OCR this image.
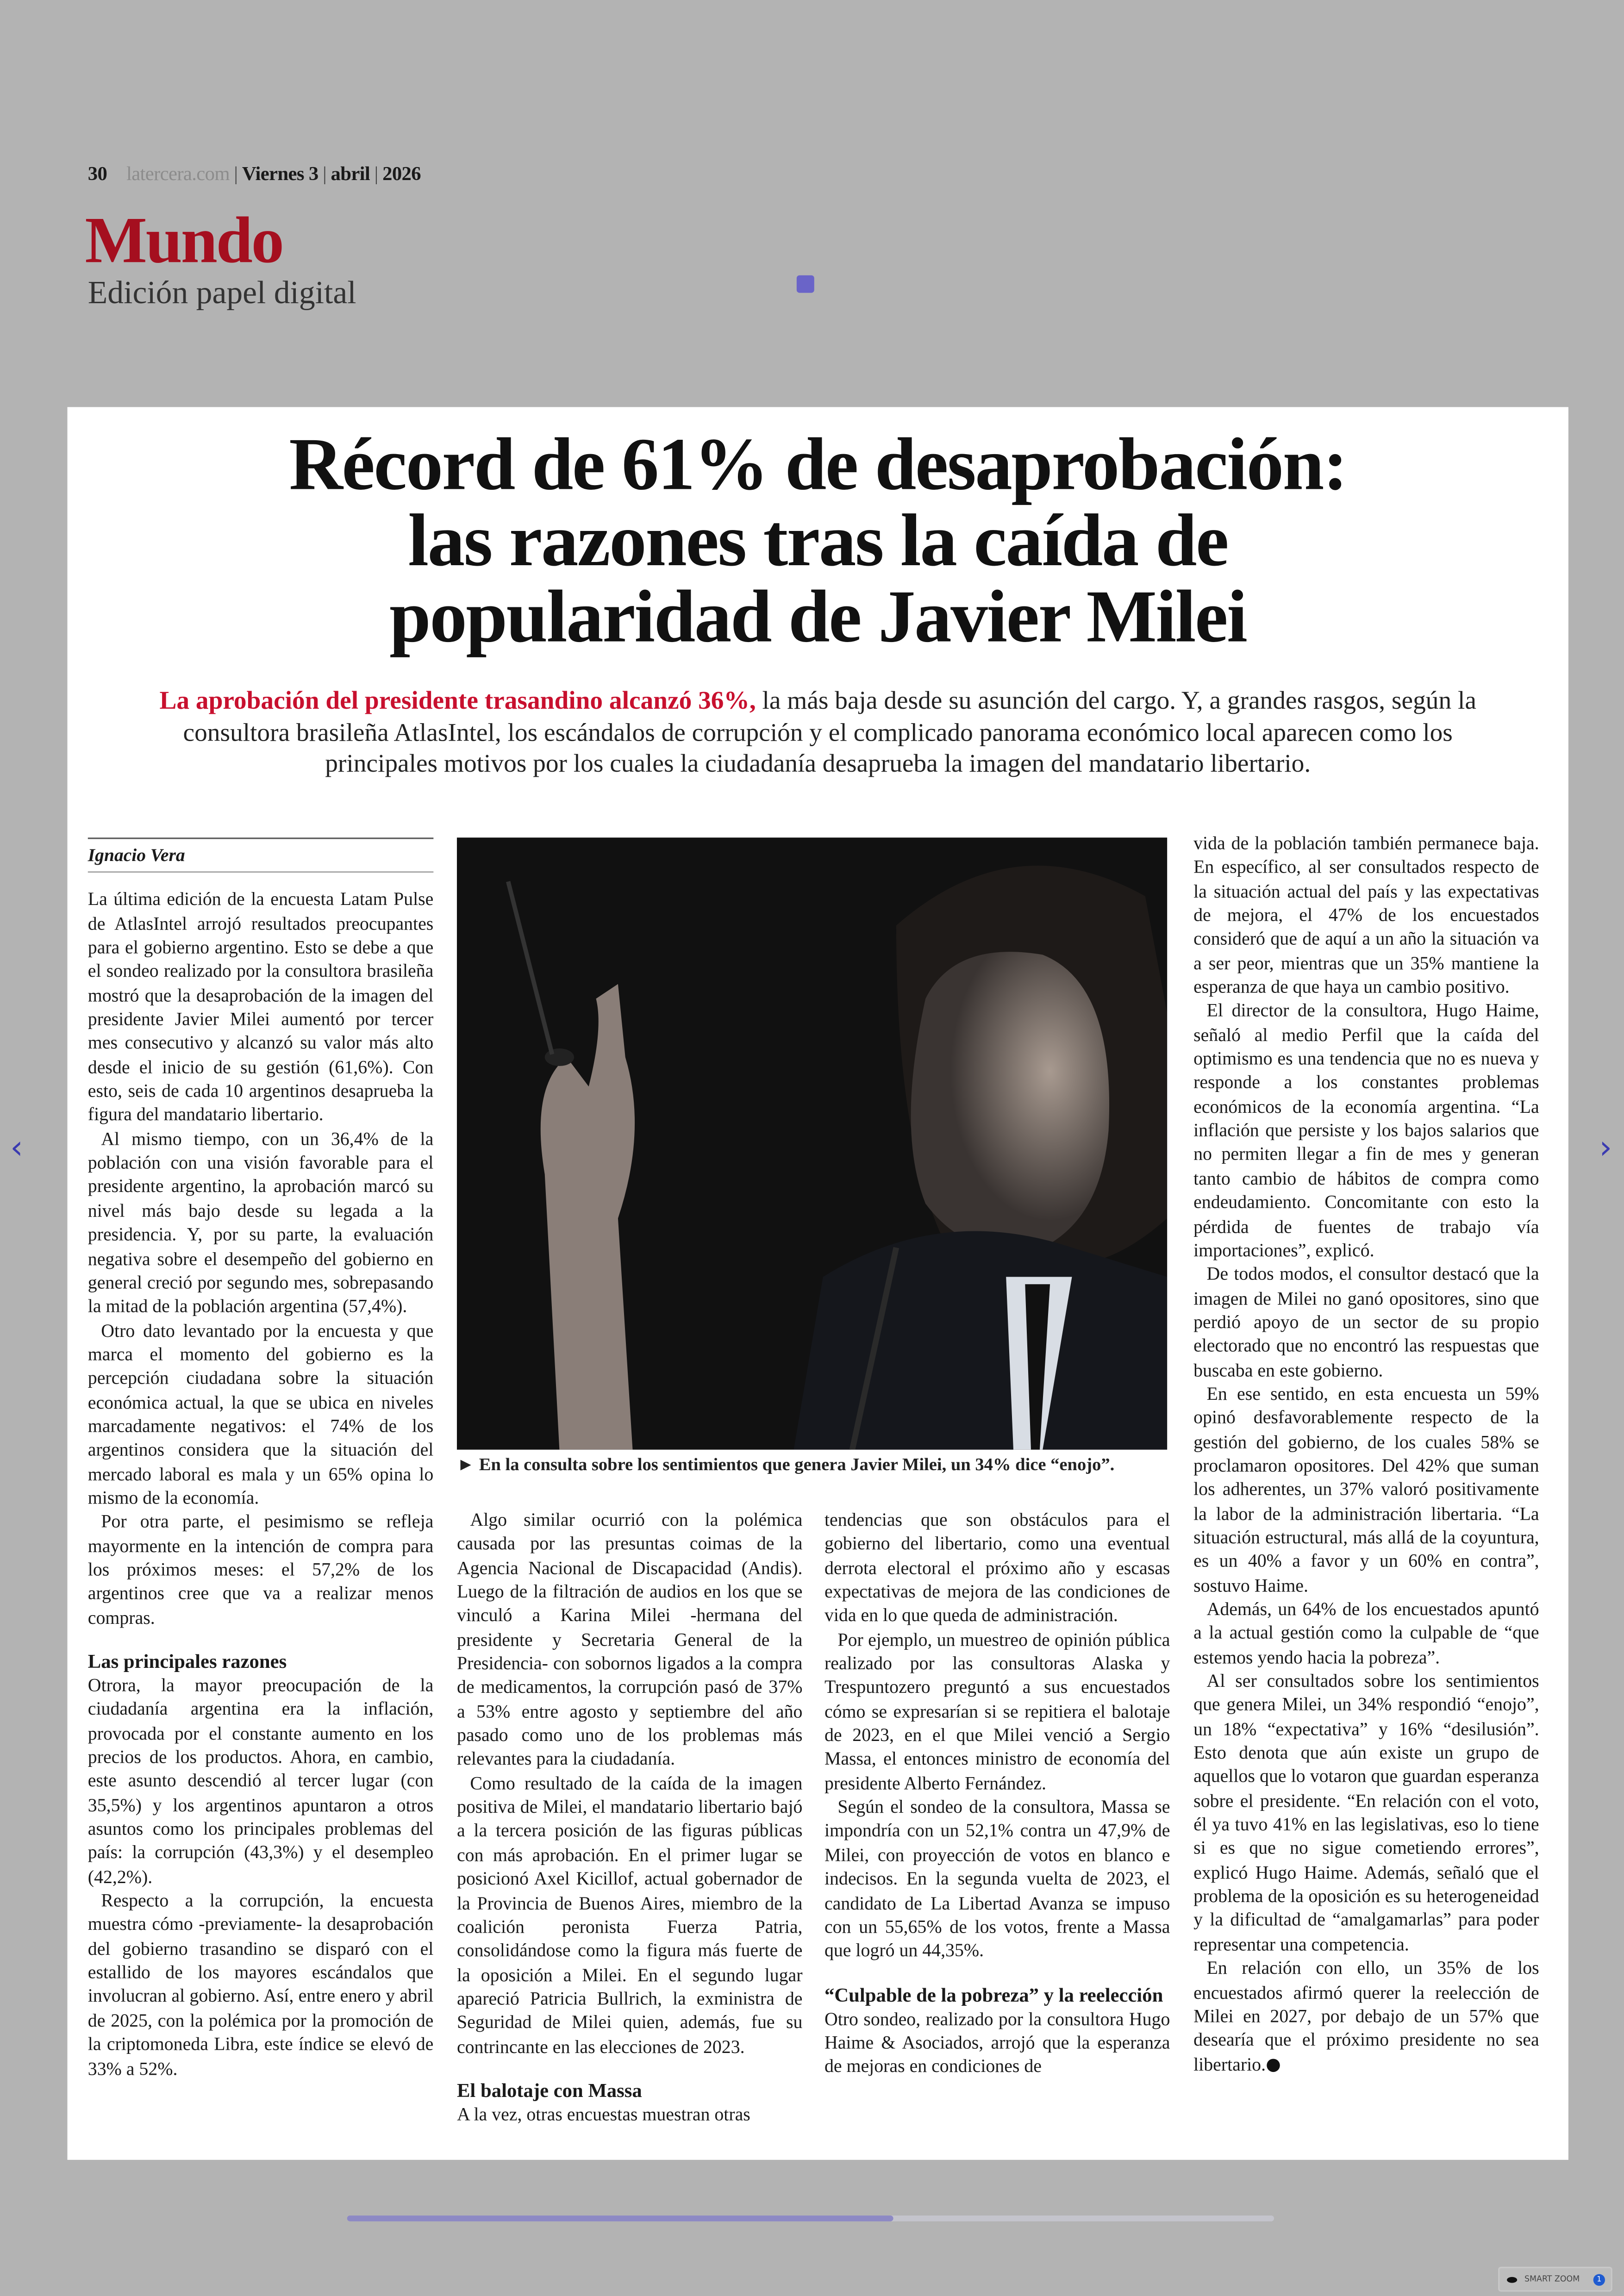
30	latercera.com | Viernes 3 | abril | 2026
Mundo
Edición papel digital
‹	›
Récord de 61% de desaprobación:
las razones tras la caída de
popularidad de Javier Milei
La aprobación del presidente trasandino alcanzó 36%, la más baja desde su asunción del cargo. Y, a grandes rasgos, según la consultora brasileña AtlasIntel, los escándalos de corrupción y el complicado panorama económico local aparecen como los principales motivos por los cuales la ciudadanía desaprueba la imagen del mandatario libertario.
Ignacio Vera

La última edición de la encuesta Latam Pulse de AtlasIntel arrojó resultados preocupantes para el gobierno argentino. Esto se debe a que el sondeo realizado por la consultora brasileña mostró que la desaprobación de la imagen del presidente Javier Milei aumentó por tercer mes consecutivo y alcanzó su valor más alto desde el inicio de su gestión (61,6%). Con esto, seis de cada 10 argentinos desaprueba la figura del mandatario libertario.

Al mismo tiempo, con un 36,4% de la población con una visión favorable para el presidente argentino, la aprobación marcó su nivel más bajo desde su legada a la presidencia. Y, por su parte, la evaluación negativa sobre el desempeño del gobierno en general creció por segundo mes, sobrepasando la mitad de la población argentina (57,4%).

Otro dato levantado por la encuesta y que marca el momento del gobierno es la percepción ciudadana sobre la situación económica actual, la que se ubica en niveles marcadamente negativos: el 74% de los argentinos considera que la situación del mercado laboral es mala y un 65% opina lo mismo de la economía.

Por otra parte, el pesimismo se refleja mayormente en la intención de compra para los próximos meses: el 57,2% de los argentinos cree que va a realizar menos compras.

Las principales razones

Otrora, la mayor preocupación de la ciudadanía argentina era la inflación, provocada por el constante aumento en los precios de los productos. Ahora, en cambio, este asunto descendió al tercer lugar (con 35,5%) y los argentinos apuntaron a otros asuntos como los principales problemas del país: la corrupción (43,3%) y el desempleo (42,2%).

Respecto a la corrupción, la encuesta muestra cómo -previamente- la desaprobación del gobierno trasandino se disparó con el estallido de los mayores escándalos que involucran al gobierno. Así, entre enero y abril de 2025, con la polémica por la promoción de la criptomoneda Libra, este índice se elevó de 33% a 52%.

► En la consulta sobre los sentimientos que genera Javier Milei, un 34% dice “enojo”.

Algo similar ocurrió con la polémica causada por las presuntas coimas de la Agencia Nacional de Discapacidad (Andis). Luego de la filtración de audios en los que se vinculó a Karina Milei -hermana del presidente y Secretaria General de la Presidencia- con sobornos ligados a la compra de medicamentos, la corrupción pasó de 37% a 53% entre agosto y septiembre del año pasado como uno de los problemas más relevantes para la ciudadanía.

Como resultado de la caída de la imagen positiva de Milei, el mandatario libertario bajó a la tercera posición de las figuras públicas con más aprobación. En el primer lugar se posicionó Axel Kicillof, actual gobernador de la Provincia de Buenos Aires, miembro de la coalición peronista Fuerza Patria, consolidándose como la figura más fuerte de la oposición a Milei. En el segundo lugar apareció Patricia Bullrich, la exministra de Seguridad de Milei quien, además, fue su contrincante en las elecciones de 2023.

El balotaje con Massa

A la vez, otras encuestas muestran otras

tendencias que son obstáculos para el gobierno del libertario, como una eventual derrota electoral el próximo año y escasas expectativas de mejora de las condiciones de vida en lo que queda de administración.

Por ejemplo, un muestreo de opinión pública realizado por las consultoras Alaska y Trespuntozero preguntó a sus encuestados cómo se expresarían si se repitiera el balotaje de 2023, en el que Milei venció a Sergio Massa, el entonces ministro de economía del presidente Alberto Fernández.

Según el sondeo de la consultora, Massa se impondría con un 52,1% contra un 47,9% de Milei, con proyección de votos en blanco e indecisos. En la segunda vuelta de 2023, el candidato de La Libertad Avanza se impuso con un 55,65% de los votos, frente a Massa que logró un 44,35%.

“Culpable de la pobreza” y la reelección

Otro sondeo, realizado por la consultora Hugo Haime & Asociados, arrojó que la esperanza de mejoras en condiciones de

vida de la población también permanece baja. En específico, al ser consultados respecto de la situación actual del país y las expectativas de mejora, el 47% de los encuestados consideró que de aquí a un año la situación va a ser peor, mientras que un 35% mantiene la esperanza de que haya un cambio positivo.

El director de la consultora, Hugo Haime, señaló al medio Perfil que la caída del optimismo es una tendencia que no es nueva y responde a los constantes problemas económicos de la economía argentina. “La inflación que persiste y los bajos salarios que no permiten llegar a fin de mes y generan tanto cambio de hábitos de compra como endeudamiento. Concomitante con esto la pérdida de fuentes de trabajo vía importaciones”, explicó.

De todos modos, el consultor destacó que la imagen de Milei no ganó opositores, sino que perdió apoyo de un sector de su propio electorado que no encontró las respuestas que buscaba en este gobierno.

En ese sentido, en esta encuesta un 59% opinó desfavorablemente respecto de la gestión del gobierno, de los cuales 58% se proclamaron opositores. Del 42% que suman los adherentes, un 37% valoró positivamente la labor de la administración libertaria. “La situación estructural, más allá de la coyuntura, es un 40% a favor y un 60% en contra”, sostuvo Haime.

Además, un 64% de los encuestados apuntó a la actual gestión como la culpable de “que estemos yendo hacia la pobreza”.

Al ser consultados sobre los sentimientos que genera Milei, un 34% respondió “enojo”, un 18% “expectativa” y 16% “desilusión”. Esto denota que aún existe un grupo de aquellos que lo votaron que guardan esperanza sobre el presidente. “En relación con el voto, él ya tuvo 41% en las legislativas, eso lo tiene si es que no sigue cometiendo errores”, explicó Hugo Haime. Además, señaló que el problema de la oposición es su heterogeneidad y la dificultad de “amalgamarlas” para poder representar una competencia.

En relación con ello, un 35% de los encuestados afirmó querer la reelección de Milei en 2027, por debajo de un 57% que desearía que el próximo presidente no sea libertario.

SMART ZOOM	1
